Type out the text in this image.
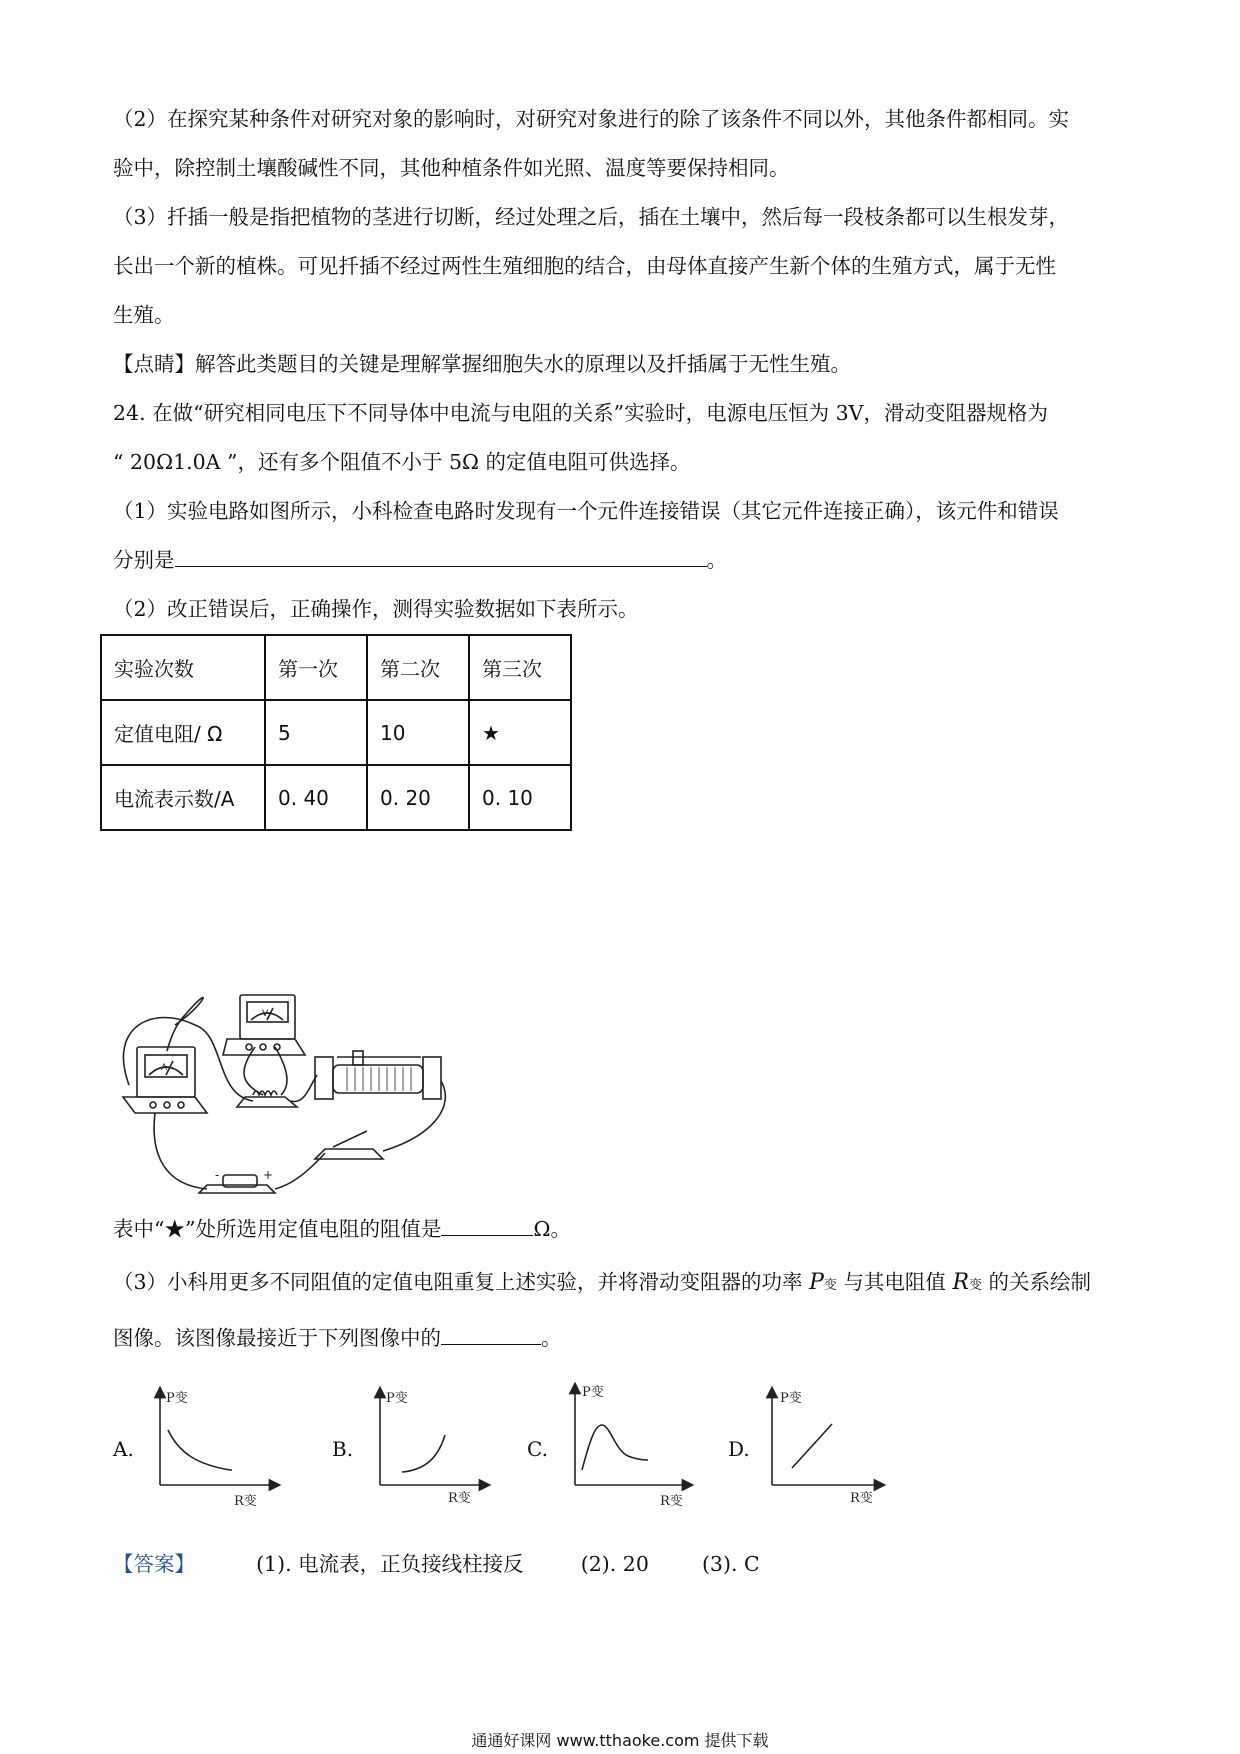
（2）在探究某种条件对研究对象的影响时，对研究对象进行的除了该条件不同以外，其他条件都相同。实

验中，除控制土壤酸碱性不同，其他种植条件如光照、温度等要保持相同。

（3）扦插一般是指把植物的茎进行切断，经过处理之后，插在土壤中，然后每一段枝条都可以生根发芽，

长出一个新的植株。可见扦插不经过两性生殖细胞的结合，由母体直接产生新个体的生殖方式，属于无性

生殖。

【点睛】解答此类题目的关键是理解掌握细胞失水的原理以及扦插属于无性生殖。

24. 在做“研究相同电压下不同导体中电流与电阻的关系”实验时，电源电压恒为 3V，滑动变阻器规格为

“ 20Ω1.0A ”，还有多个阻值不小于 5Ω 的定值电阻可供选择。

（1）实验电路如图所示，小科检查电路时发现有一个元件连接错误（其它元件连接正确），该元件和错误

分别是	。

（2）改正错误后，正确操作，测得实验数据如下表所示。

实验次数	第一次	第二次	第三次
定值电阻/ Ω	5	10	★
电流表示数/A	0. 40	0. 20	0. 10
A
V
-	+

表中“★”处所选用定值电阻的阻值是	Ω。

（3）小科用更多不同阻值的定值电阻重复上述实验，并将滑动变阻器的功率 P变 与其电阻值 R变 的关系绘制

图像。该图像最接近于下列图像中的	。

A.	B.	C.	D.
P变
R变
P变
R变
P变
R变
P变
R变

【答案】	(1). 电流表，正负接线柱接反	(2). 20	(3). C

通通好课网 www.tthaoke.com 提供下载
